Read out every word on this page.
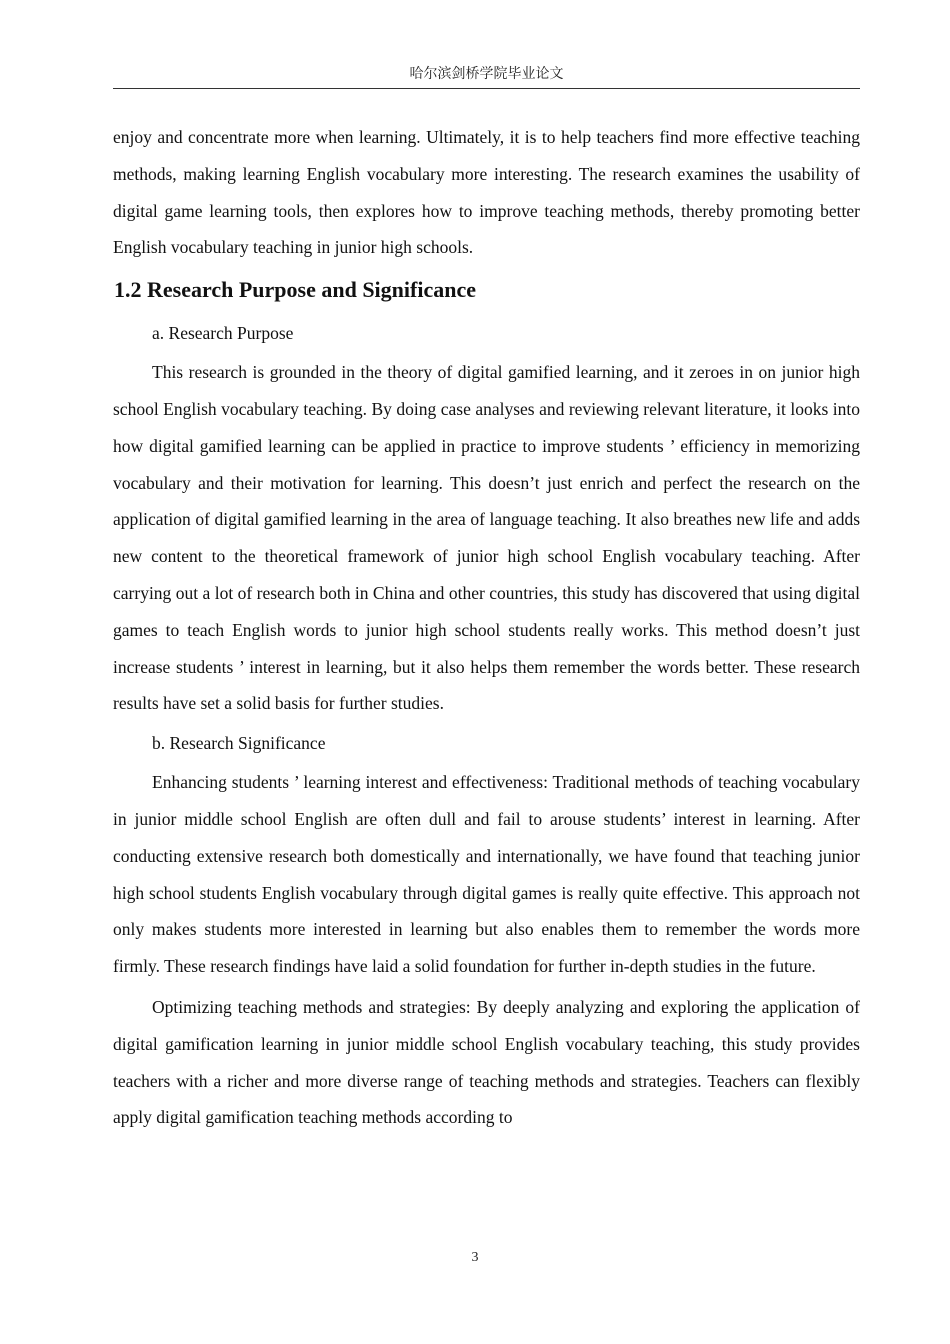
哈尔滨剑桥学院毕业论文

enjoy and concentrate more when learning. Ultimately, it is to help teachers find more effective teaching methods, making learning English vocabulary more interesting. The research examines the usability of digital game learning tools, then explores how to improve teaching methods, thereby promoting better English vocabulary teaching in junior high schools.

1.2 Research Purpose and Significance

a. Research Purpose

This research is grounded in the theory of digital gamified learning, and it zeroes in on junior high school English vocabulary teaching. By doing case analyses and reviewing relevant literature, it looks into how digital gamified learning can be applied in practice to improve students ’ efficiency in memorizing vocabulary and their motivation for learning. This doesn’t just enrich and perfect the research on the application of digital gamified learning in the area of language teaching. It also breathes new life and adds new content to the theoretical framework of junior high school English vocabulary teaching. After carrying out a lot of research both in China and other countries, this study has discovered that using digital games to teach English words to junior high school students really works. This method doesn’t just increase students ’ interest in learning, but it also helps them remember the words better. These research results have set a solid basis for further studies.

b. Research Significance

Enhancing students ’ learning interest and effectiveness: Traditional methods of teaching vocabulary in junior middle school English are often dull and fail to arouse students’ interest in learning. After conducting extensive research both domestically and internationally, we have found that teaching junior high school students English vocabulary through digital games is really quite effective. This approach not only makes students more interested in learning but also enables them to remember the words more firmly. These research findings have laid a solid foundation for further in-depth studies in the future.

Optimizing teaching methods and strategies: By deeply analyzing and exploring the application of digital gamification learning in junior middle school English vocabulary teaching, this study provides teachers with a richer and more diverse range of teaching methods and strategies. Teachers can flexibly apply digital gamification teaching methods according to

3
